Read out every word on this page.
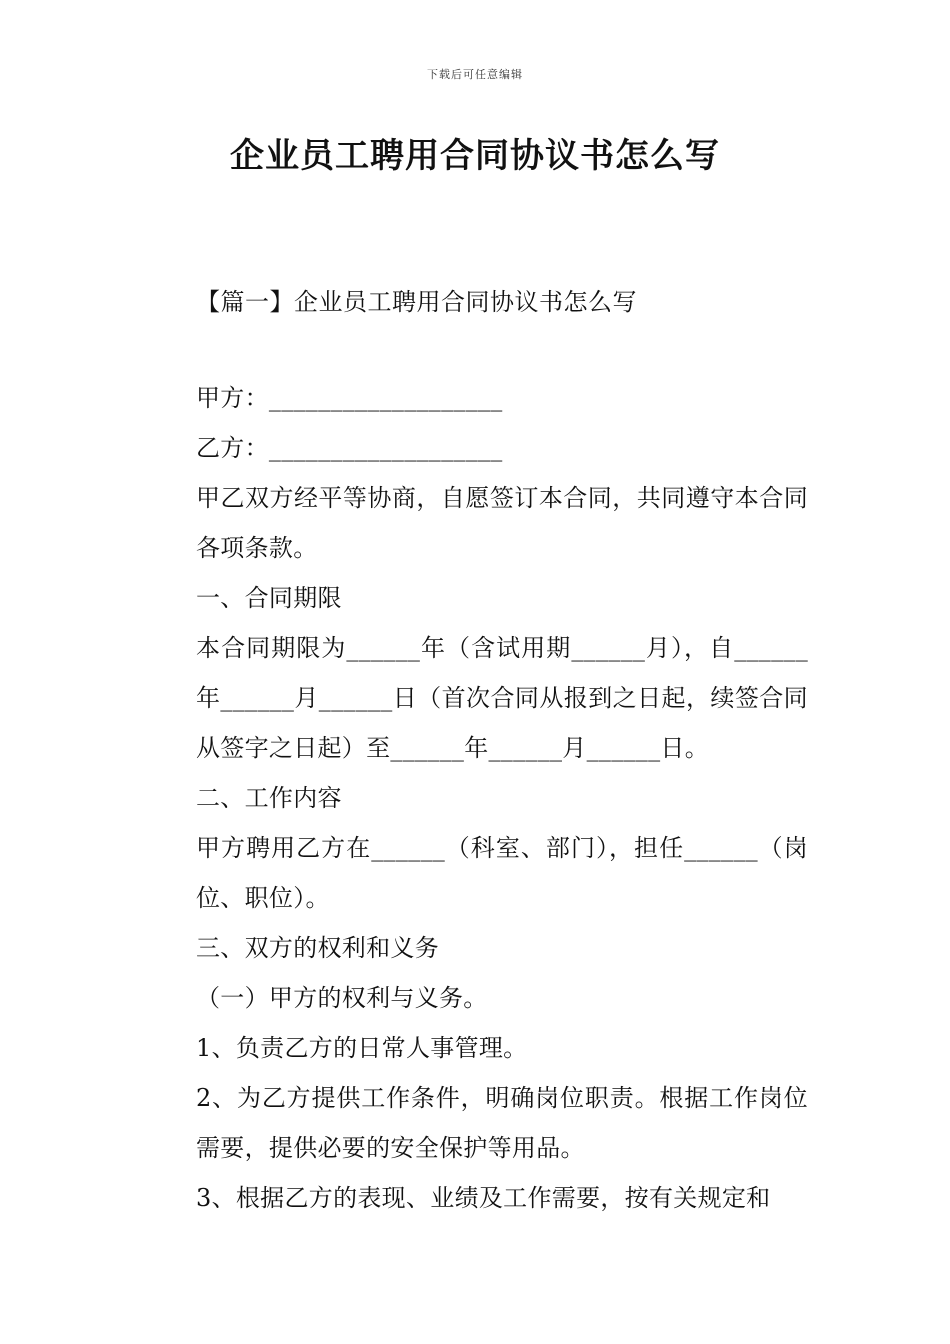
下载后可任意编辑
企业员工聘用合同协议书怎么写
【篇一】企业员工聘用合同协议书怎么写

甲方：___________________

乙方：___________________

甲乙双方经平等协商，自愿签订本合同，共同遵守本合同各项条款。

一、合同期限

本合同期限为______年（含试用期______月），自______年______月______日（首次合同从报到之日起，续签合同从签字之日起）至______年______月______日。

二、工作内容

甲方聘用乙方在______（科室、部门），担任______（岗位、职位）。

三、双方的权利和义务

（一）甲方的权利与义务。

1、负责乙方的日常人事管理。

2、为乙方提供工作条件，明确岗位职责。根据工作岗位需要，提供必要的安全保护等用品。

3、根据乙方的表现、业绩及工作需要，按有关规定和
